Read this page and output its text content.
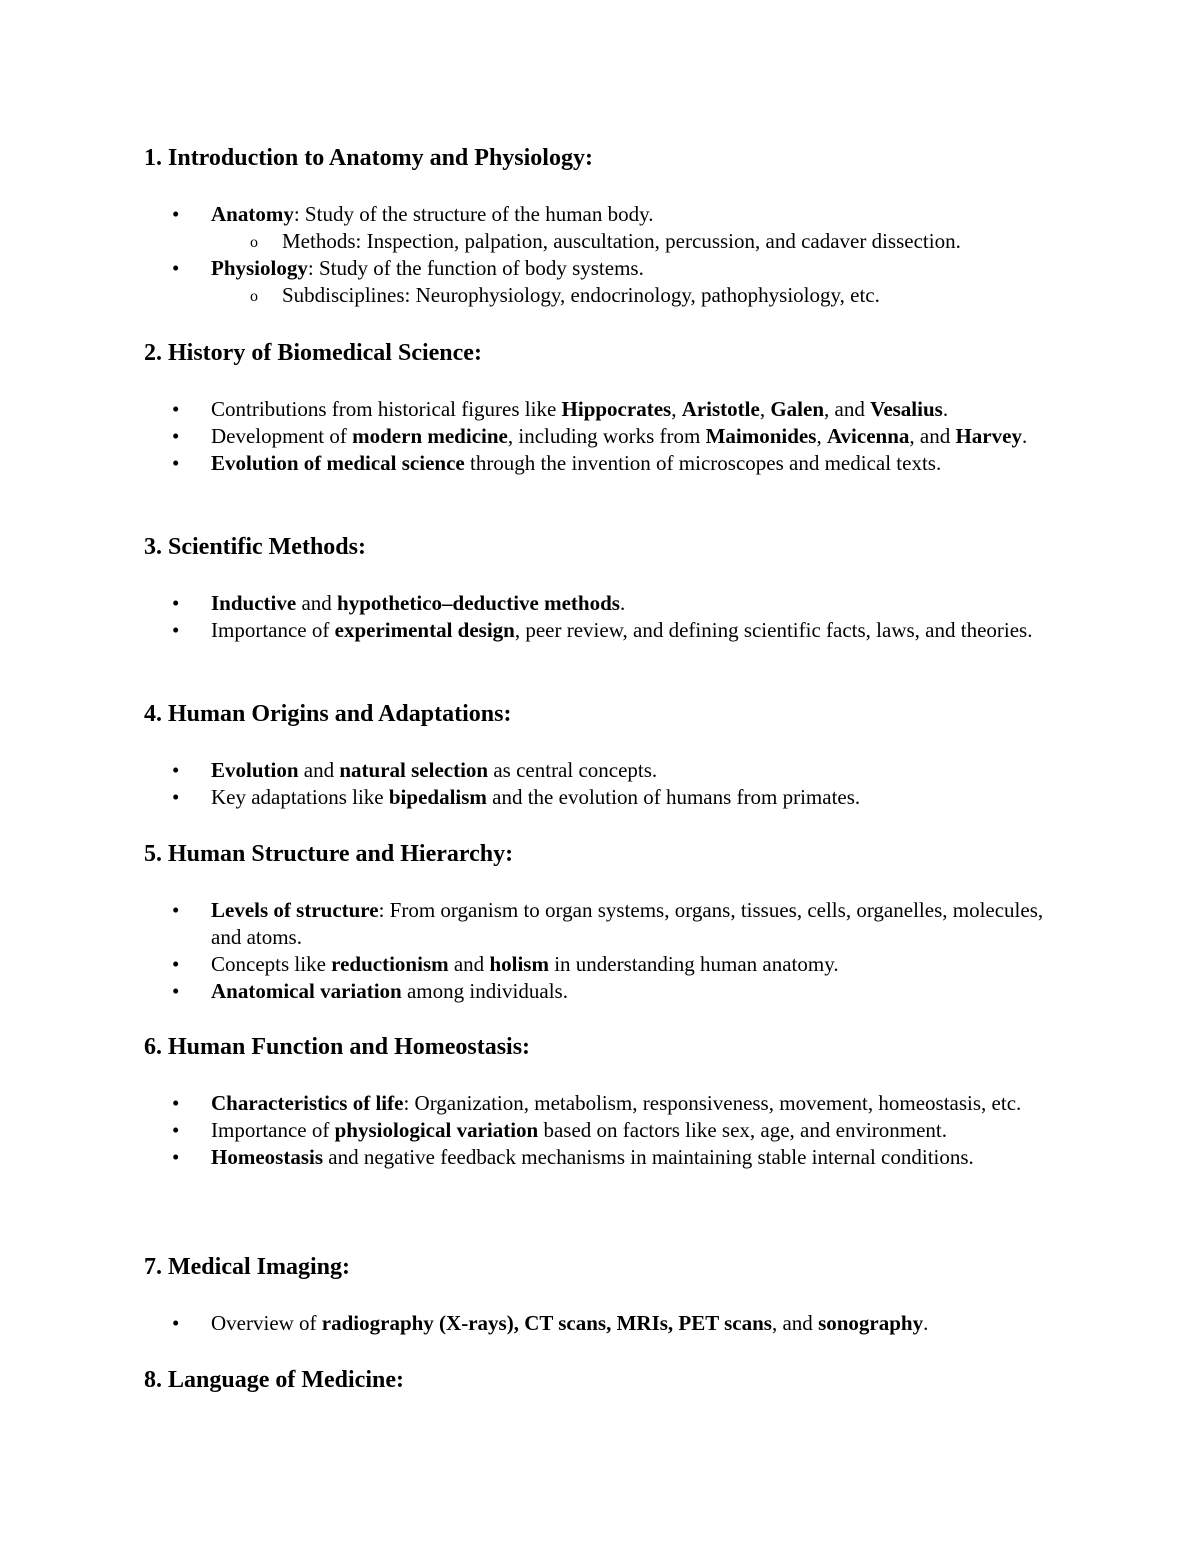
1. Introduction to Anatomy and Physiology:
• Anatomy: Study of the structure of the human body.
o Methods: Inspection, palpation, auscultation, percussion, and cadaver dissection.
• Physiology: Study of the function of body systems.
o Subdisciplines: Neurophysiology, endocrinology, pathophysiology, etc.
2. History of Biomedical Science:
• Contributions from historical figures like Hippocrates, Aristotle, Galen, and Vesalius.
• Development of modern medicine, including works from Maimonides, Avicenna, and Harvey.
• Evolution of medical science through the invention of microscopes and medical texts.
3. Scientific Methods:
• Inductive and hypothetico–deductive methods.
• Importance of experimental design, peer review, and defining scientific facts, laws, and theories.
4. Human Origins and Adaptations:
• Evolution and natural selection as central concepts.
• Key adaptations like bipedalism and the evolution of humans from primates.
5. Human Structure and Hierarchy:
• Levels of structure: From organism to organ systems, organs, tissues, cells, organelles, molecules, and atoms.
• Concepts like reductionism and holism in understanding human anatomy.
• Anatomical variation among individuals.
6. Human Function and Homeostasis:
• Characteristics of life: Organization, metabolism, responsiveness, movement, homeostasis, etc.
• Importance of physiological variation based on factors like sex, age, and environment.
• Homeostasis and negative feedback mechanisms in maintaining stable internal conditions.
7. Medical Imaging:
• Overview of radiography (X-rays), CT scans, MRIs, PET scans, and sonography.
8. Language of Medicine:
